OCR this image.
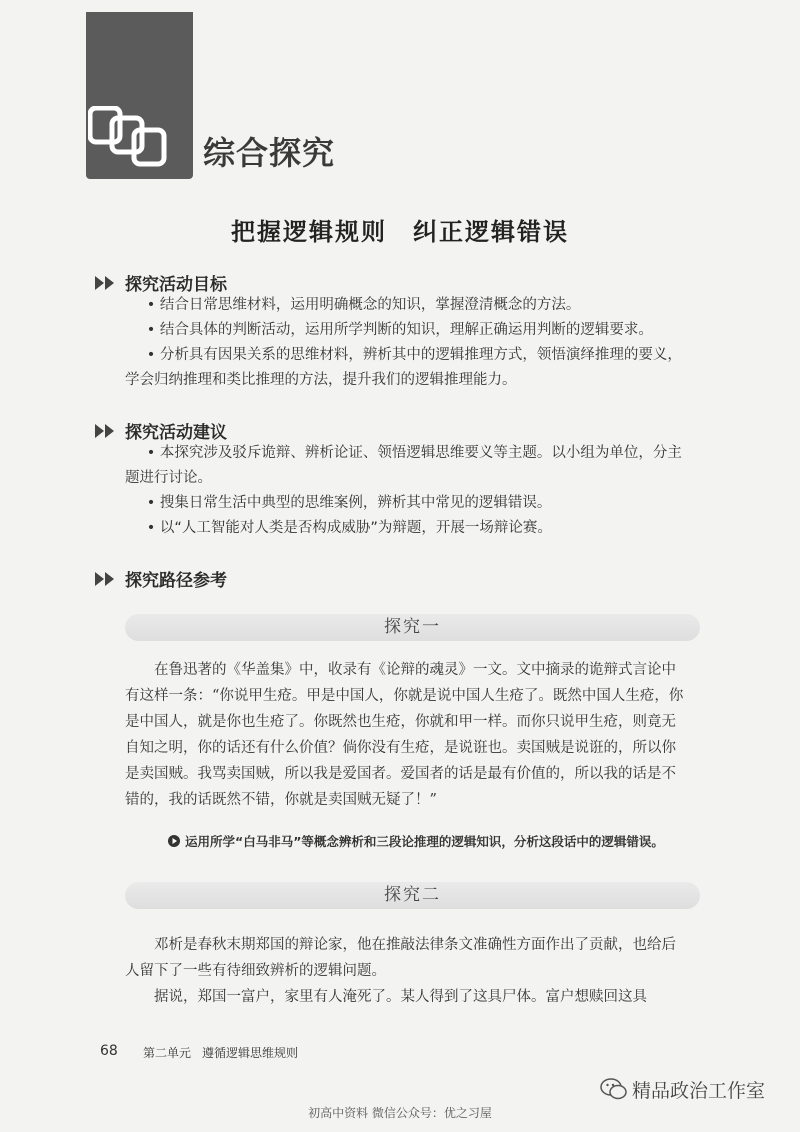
综合探究
把握逻辑规则　纠正逻辑错误
探究活动目标

• 结合日常思维材料，运用明确概念的知识，掌握澄清概念的方法。

• 结合具体的判断活动，运用所学判断的知识，理解正确运用判断的逻辑要求。

• 分析具有因果关系的思维材料，辨析其中的逻辑推理方式，领悟演绎推理的要义，学会归纳推理和类比推理的方法，提升我们的逻辑推理能力。

探究活动建议

• 本探究涉及驳斥诡辩、辨析论证、领悟逻辑思维要义等主题。以小组为单位，分主题进行讨论。

• 搜集日常生活中典型的思维案例，辨析其中常见的逻辑错误。

• 以“人工智能对人类是否构成威胁”为辩题，开展一场辩论赛。

探究路径参考
探究一

在鲁迅著的《华盖集》中，收录有《论辩的魂灵》一文。文中摘录的诡辩式言论中有这样一条：“你说甲生疮。甲是中国人，你就是说中国人生疮了。既然中国人生疮，你是中国人，就是你也生疮了。你既然也生疮，你就和甲一样。而你只说甲生疮，则竟无自知之明，你的话还有什么价值？倘你没有生疮，是说诳也。卖国贼是说诳的，所以你是卖国贼。我骂卖国贼，所以我是爱国者。爱国者的话是最有价值的，所以我的话是不错的，我的话既然不错，你就是卖国贼无疑了！”

运用所学“白马非马”等概念辨析和三段论推理的逻辑知识，分析这段话中的逻辑错误。
探究二

邓析是春秋末期郑国的辩论家，他在推敲法律条文准确性方面作出了贡献，也给后人留下了一些有待细致辨析的逻辑问题。

据说，郑国一富户，家里有人淹死了。某人得到了这具尸体。富户想赎回这具

68 第二单元 遵循逻辑思维规则
精品政治工作室
初高中资料 微信公众号：优之习屋
